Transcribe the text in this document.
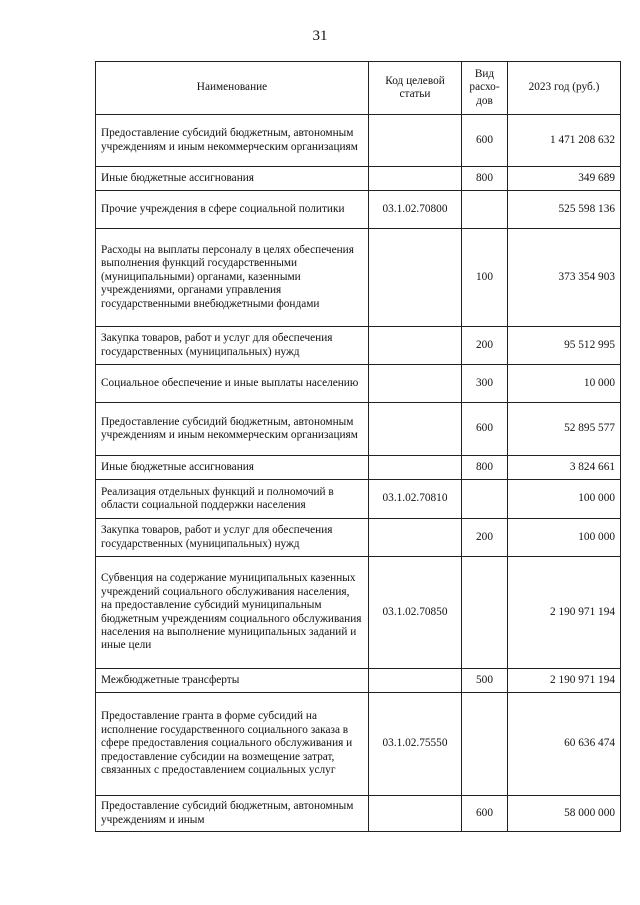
31
Наименование	Код целевой статьи	Вид расхо-дов	2023 год (руб.)
Предоставление субсидий бюджетным, автономным учреждениям и иным некоммерческим организациям		600	1 471 208 632
Иные бюджетные ассигнования		800	349 689
Прочие учреждения в сфере социальной политики	03.1.02.70800		525 598 136
Расходы на выплаты персоналу в целях обеспечения выполнения функций государственными (муниципальными) органами, казенными учреждениями, органами управления государственными внебюджетными фондами		100	373 354 903
Закупка товаров, работ и услуг для обеспечения государственных (муниципальных) нужд		200	95 512 995
Социальное обеспечение и иные выплаты населению		300	10 000
Предоставление субсидий бюджетным, автономным учреждениям и иным некоммерческим организациям		600	52 895 577
Иные бюджетные ассигнования		800	3 824 661
Реализация отдельных функций и полномочий в области социальной поддержки населения	03.1.02.70810		100 000
Закупка товаров, работ и услуг для обеспечения государственных (муниципальных) нужд		200	100 000
Субвенция на содержание муниципальных казенных учреждений социального обслуживания населения, на предоставление субсидий муниципальным бюджетным учреждениям социального обслуживания населения на выполнение муниципальных заданий и иные цели	03.1.02.70850		2 190 971 194
Межбюджетные трансферты		500	2 190 971 194
Предоставление гранта в форме субсидий на исполнение государственного социального заказа в сфере предоставления социального обслуживания и предоставление субсидии на возмещение затрат, связанных с предоставлением социальных услуг	03.1.02.75550		60 636 474
Предоставление субсидий бюджетным, автономным учреждениям и иным		600	58 000 000
